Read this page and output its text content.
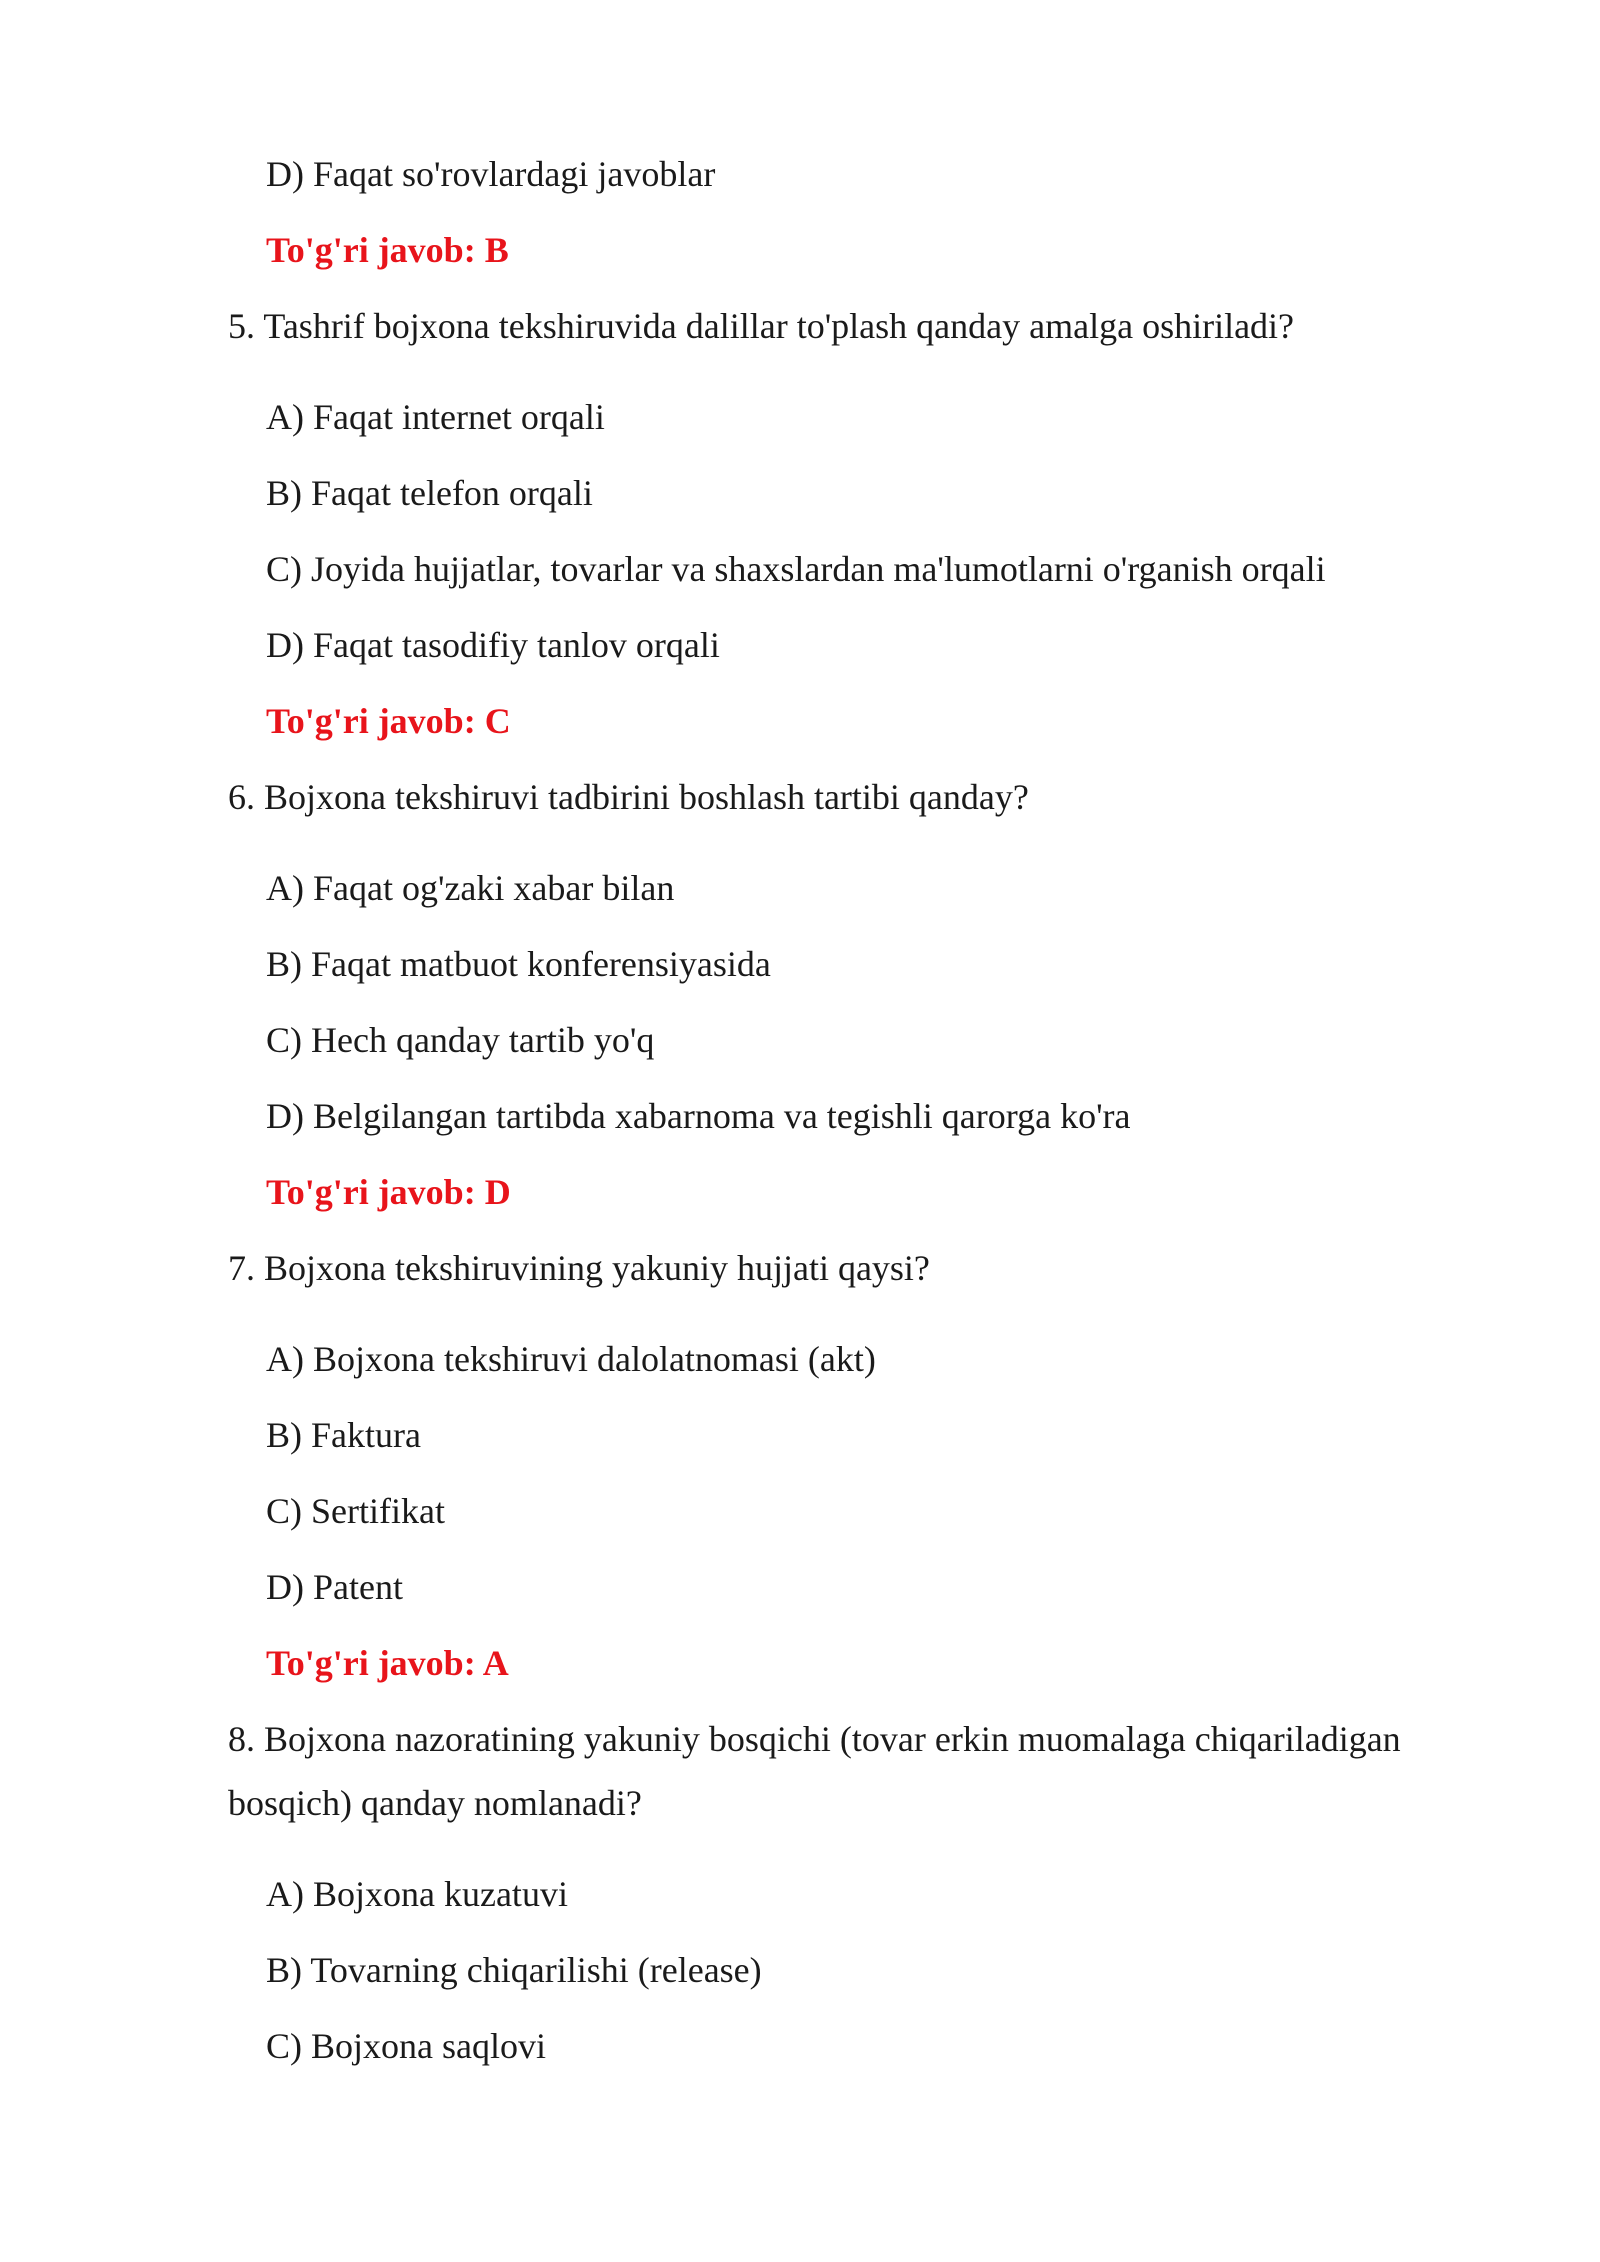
D) Faqat so'rovlardagi javoblar
To'g'ri javob: B
5. Tashrif bojxona tekshiruvida dalillar to'plash qanday amalga oshiriladi?
A) Faqat internet orqali
B) Faqat telefon orqali
C) Joyida hujjatlar, tovarlar va shaxslardan ma'lumotlarni o'rganish orqali
D) Faqat tasodifiy tanlov orqali
To'g'ri javob: C
6. Bojxona tekshiruvi tadbirini boshlash tartibi qanday?
A) Faqat og'zaki xabar bilan
B) Faqat matbuot konferensiyasida
C) Hech qanday tartib yo'q
D) Belgilangan tartibda xabarnoma va tegishli qarorga ko'ra
To'g'ri javob: D
7. Bojxona tekshiruvining yakuniy hujjati qaysi?
A) Bojxona tekshiruvi dalolatnomasi (akt)
B) Faktura
C) Sertifikat
D) Patent
To'g'ri javob: A
8. Bojxona nazoratining yakuniy bosqichi (tovar erkin muomalaga chiqariladigan
bosqich) qanday nomlanadi?
A) Bojxona kuzatuvi
B) Tovarning chiqarilishi (release)
C) Bojxona saqlovi
